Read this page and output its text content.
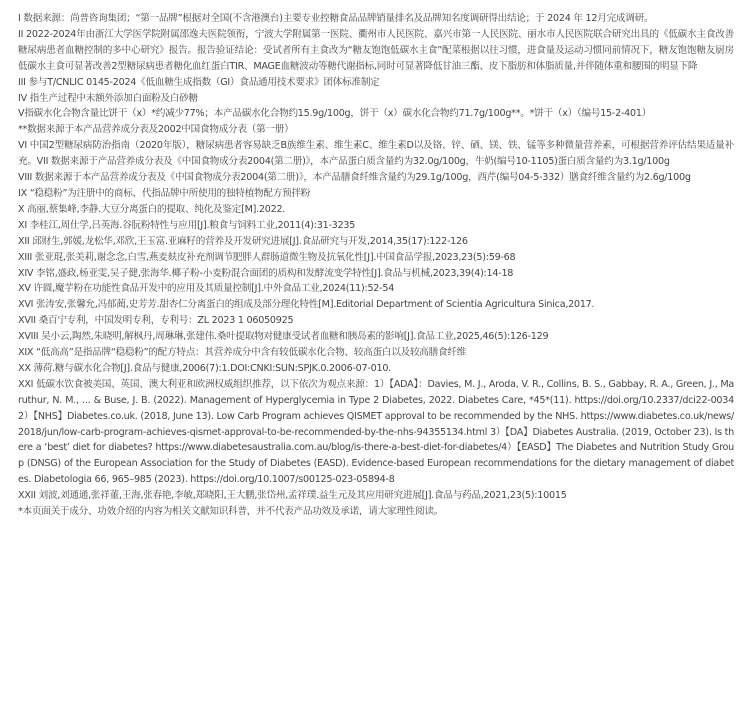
I 数据来源：尚普咨询集团；“第一品牌”根据对全国(不含港澳台)主要专业控糖食品品牌销量排名及品牌知名度调研得出结论；于 2024 年 12月完成调研。

II 2022-2024年由浙江大学医学院附属邵逸夫医院领衔，宁波大学附属第一医院、衢州市人民医院、嘉兴市第一人民医院、丽水市人民医院联合研究出具的《低碳水主食改善糖尿病患者血糖控制的多中心研究》报告。报告验证结论：受试者所有主食改为“糖友饱饱低碳水主食”配菜根据以往习惯，进食量及运动习惯同前情况下，糖友饱饱糖友厨房低碳水主食可显著改善2型糖尿病患者糖化血红蛋白TIR、MAGE血糖波动等糖代谢指标,同时可显著降低甘油三酯、皮下脂肪和体脂质量,并伴随体重和腰围的明显下降

III 参与T/CNLIC 0145-2024《低血糖生成指数（GI）食品通用技术要求》团体标准制定

IV 指生产过程中未额外添加白面粉及白砂糖

V指碳水化合物含量比饼干（x）*约减少77%；本产品碳水化合物约15.9g/100g，饼干（x）碳水化合物约71.7g/100g**。*饼干（x）（编号15-2-401）

**数据来源于本产品营养成分表及2002中国食物成分表（第一册）

VI 中国2型糖尿病防治指南（2020年版），糖尿病患者容易缺乏B族维生素、维生素C、维生素D以及铬、锌、硒、镁、铁、锰等多种微量营养素，可根据营养评估结果适量补充。VII 数据来源于产品营养成分表及《中国食物成分表2004(第二册)》，本产品蛋白质含量约为32.0g/100g，牛奶(编号10-1105)蛋白质含量约为3.1g/100g

VIII 数据来源于本产品营养成分表及《中国食物成分表2004(第二册)》，本产品膳食纤维含量约为29.1g/100g，西芹(编号04-5-332）膳食纤维含量约为2.6g/100g

IX “稳稳粉”为注册中的商标，代指品牌中所使用的独特植物配方预拌粉

X 高丽,蔡集峰,李静.大豆分离蛋白的提取、纯化及鉴定[M].2022.

XI 李桂江,周仕学,吕英海.谷朊粉特性与应用[J].粮食与饲料工业,2011(4):31-3235

XII 邱财生,郭媛,龙松华,邓欣,王玉富.亚麻籽的营养及开发研究进展[J].食品研究与开发,2014,35(17):122-126

XIII 张亚琨,张美莉,谢念念,白雪,燕麦麸皮补充剂调节肥胖人群肠道微生物及抗氧化性[J].中国食品学报,2023,23(5):59-68

XIV 李铭,盛政,杨亚雯,吴子健,张海华.椰子粉-小麦粉混合面团的质构和发酵流变学特性[J].食品与机械,2023,39(4):14-18

XV 许圆,魔芋粉在功能性食品开发中的应用及其质量控制[J].中外食品工业,2024(11):52-54

XVI 张涛安,张馨允,冯郁蔺,史芳芳.甜杏仁分离蛋白的组成及部分理化特性[M].Editorial Department of Scientia Agricultura Sinica,2017.

XVII 桑百宁专利，中国发明专利，专利号：ZL 2023 1 06050925

XVIII 吴小云,陶然,朱晓明,解枫丹,周琳琳,张建伟.桑叶提取物对健康受试者血糖和胰岛素的影响[J].食品工业,2025,46(5):126-129

XIX “低高高”是指品牌“稳稳粉”的配方特点：其营养成分中含有较低碳水化合物、较高蛋白以及较高膳食纤维

XX 薄荷.糖与碳水化合物[J].食品与健康,2006(7):1.DOI:CNKI:SUN:SPJK.0.2006-07-010.

XXI 低碳水饮食被美国、英国、澳大利亚和欧洲权威组织推荐，以下依次为观点来源：1）【ADA】：Davies, M. J., Aroda, V. R., Collins, B. S., Gabbay, R. A., Green, J., Maruthur, N. M., ... & Buse, J. B. (2022). Management of Hyperglycemia in Type 2 Diabetes, 2022. Diabetes Care, *45*(11). https://doi.org/10.2337/dci22-0034 2）【NHS】Diabetes.co.uk. (2018, June 13). Low Carb Program achieves QISMET approval to be recommended by the NHS. https://www.diabetes.co.uk/news/2018/jun/low-carb-program-achieves-qismet-approval-to-be-recommended-by-the-nhs-94355134.html 3）【DA】Diabetes Australia. (2019, October 23). Is there a ‘best’ diet for diabetes? https://www.diabetesaustralia.com.au/blog/is-there-a-best-diet-for-diabetes/4）【EASD】The Diabetes and Nutrition Study Group (DNSG) of the European Association for the Study of Diabetes (EASD). Evidence-based European recommendations for the dietary management of diabetes. Diabetologia 66, 965–985 (2023). https://doi.org/10.1007/s00125-023-05894-8

XXII 刘波,刘通通,张祥董,王海,张春艳,李敏,郑晓阳,王大鹏,张岱州,孟祥璞.益生元及其应用研究进展[J].食品与药品,2021,23(5):10015

*本页面关于成分、功效介绍的内容为相关文献知识科普，并不代表产品功效及承诺，请大家理性阅读。
